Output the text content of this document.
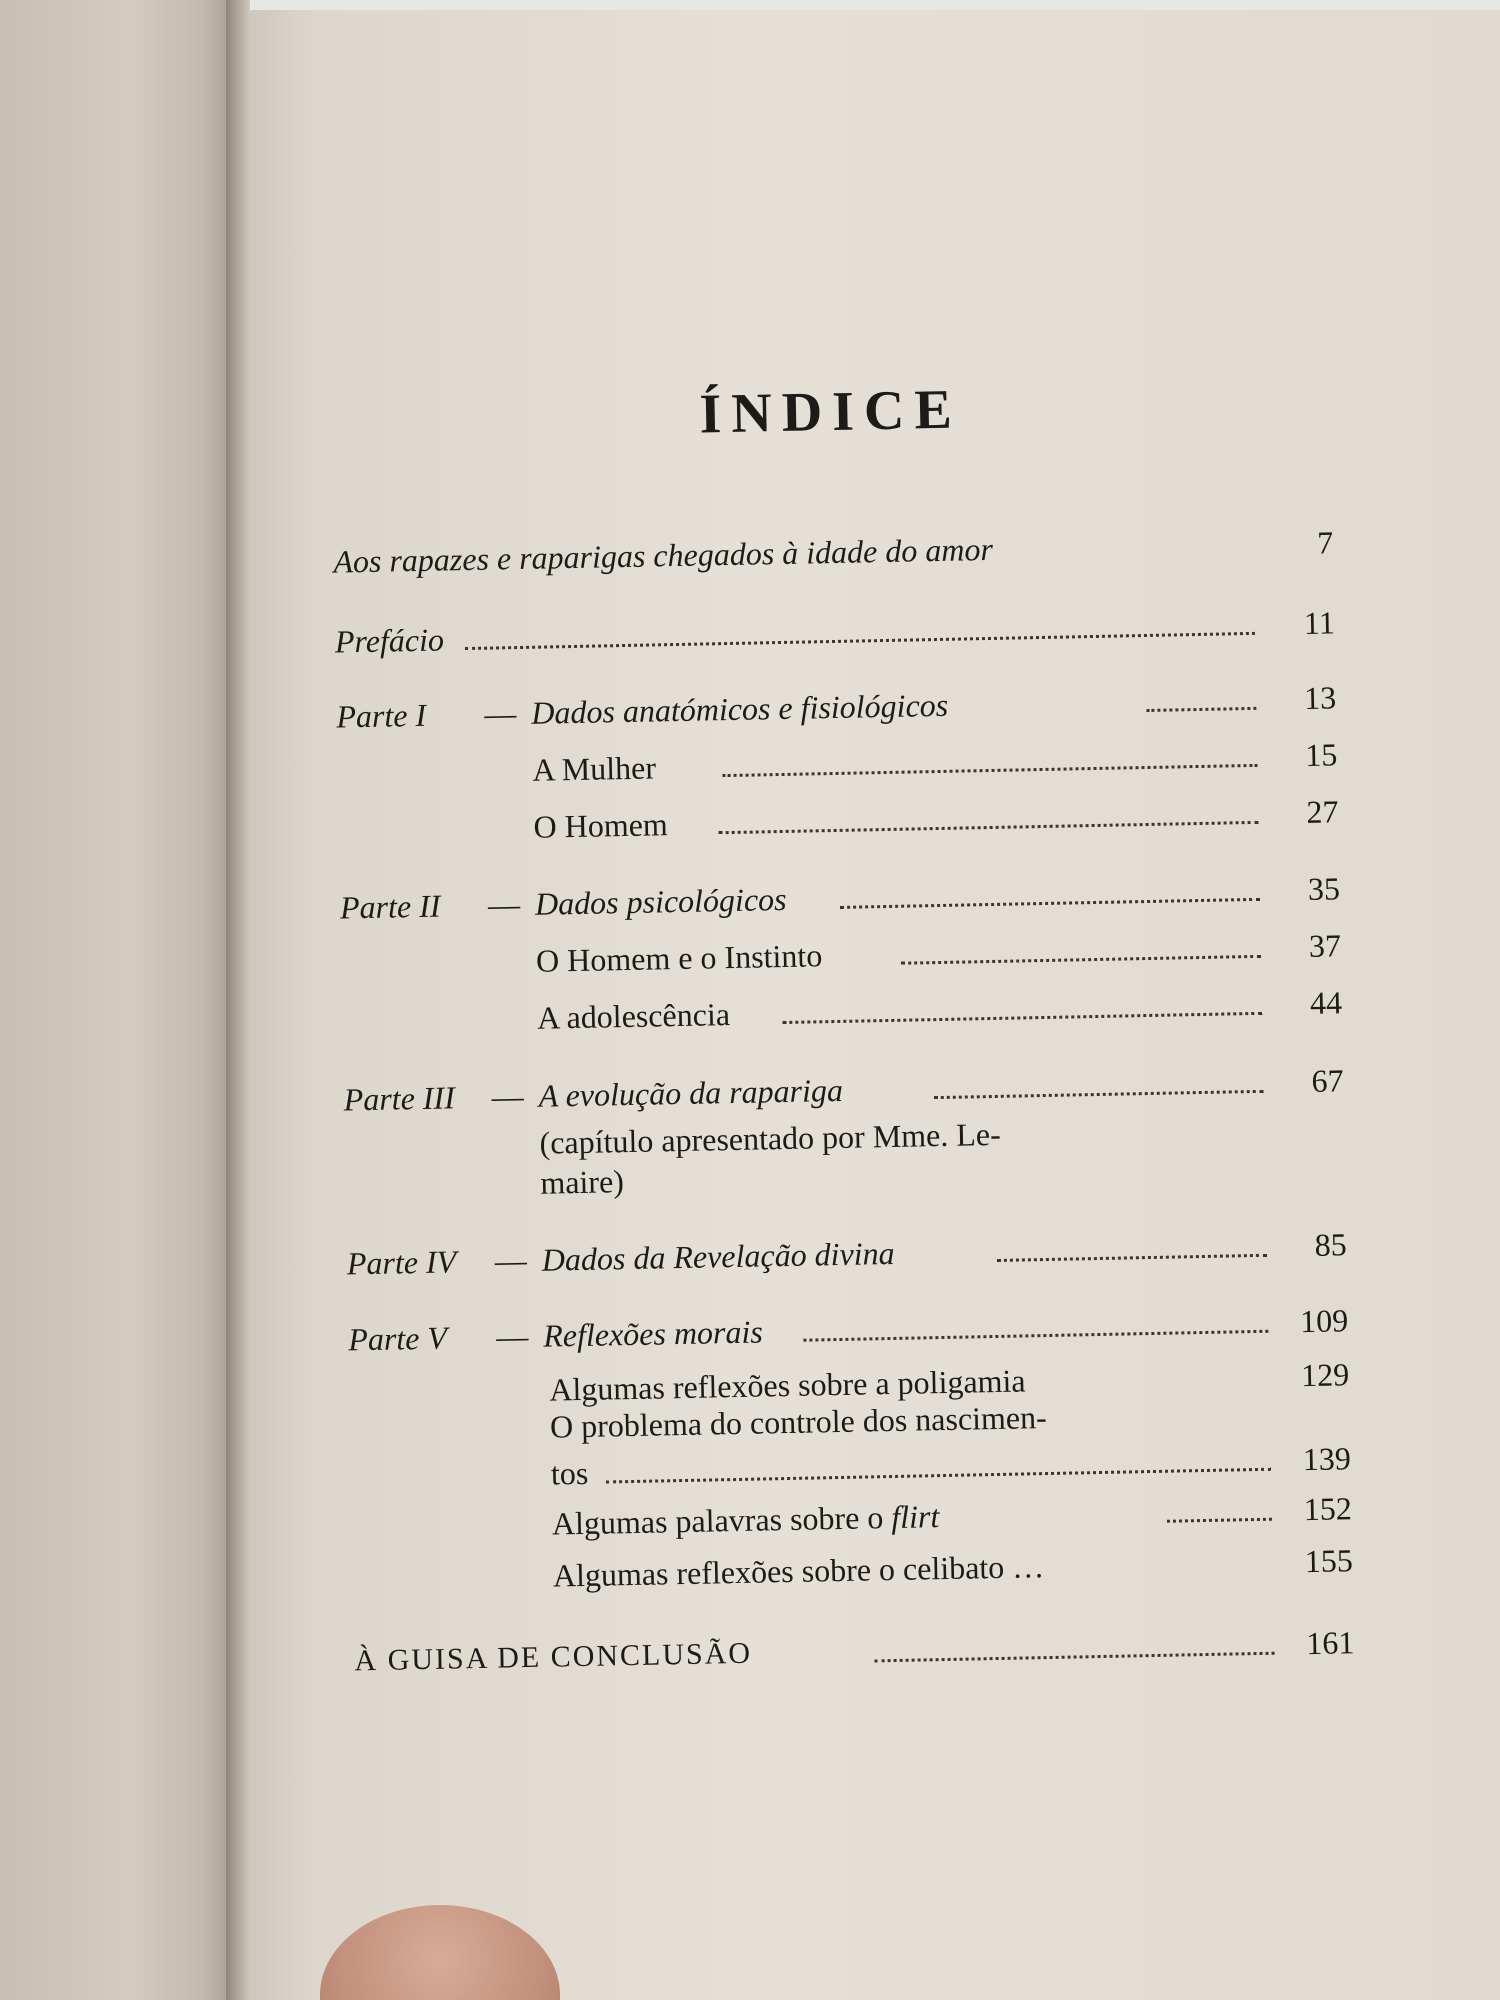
ÍNDICE
Aos rapazes e raparigas chegados à idade do amor	7
Prefácio	11
Parte I	— Dados anatómicos e fisiológicos	13
A Mulher	15
O Homem	27
Parte II	— Dados psicológicos	35
O Homem e o Instinto	37
A adolescência	44
Parte III	— A evolução da rapariga	67
(capítulo apresentado por Mme. Le-
maire)
Parte IV	— Dados da Revelação divina	85
Parte V	— Reflexões morais	109
Algumas reflexões sobre a poligamia	129
O problema do controle dos nascimen-
tos	139
Algumas palavras sobre o flirt	152
Algumas reflexões sobre o celibato …	155
À GUISA DE CONCLUSÃO	161
